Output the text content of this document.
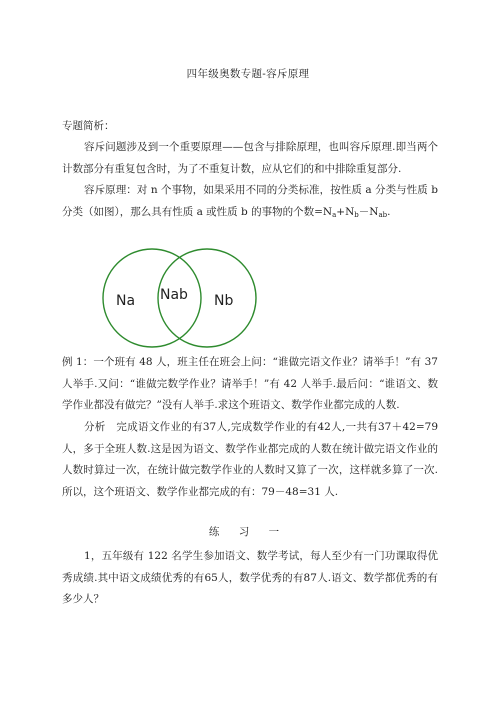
四年级奥数专题-容斥原理
专题简析：
容斥问题涉及到一个重要原理——包含与排除原理，也叫容斥原理.即当两个计数部分有重复包含时，为了不重复计数，应从它们的和中排除重复部分.
容斥原理：对 n 个事物，如果采用不同的分类标准，按性质 a 分类与性质 b 分类（如图），那么具有性质 a 或性质 b 的事物的个数$=N_a+N_b-N_{ab}$.
Na Nab Nb
例 1：一个班有 48 人，班主任在班会上问：“谁做完语文作业？请举手！”有 37 人举手.又问：“谁做完数学作业？请举手！”有 42 人举手.最后问：“谁语文、数学作业都没有做完？”没有人举手.求这个班语文、数学作业都完成的人数.
分析　完成语文作业的有37人,完成数学作业的有42人,一共有37＋42=79人，多于全班人数.这是因为语文、数学作业都完成的人数在统计做完语文作业的人数时算过一次，在统计做完数学作业的人数时又算了一次，这样就多算了一次.所以，这个班语文、数学作业都完成的有：79－48=31 人.
练 习 一
1，五年级有 122 名学生参加语文、数学考试，每人至少有一门功课取得优秀成绩.其中语文成绩优秀的有65人，数学优秀的有87人.语文、数学都优秀的有多少人？
